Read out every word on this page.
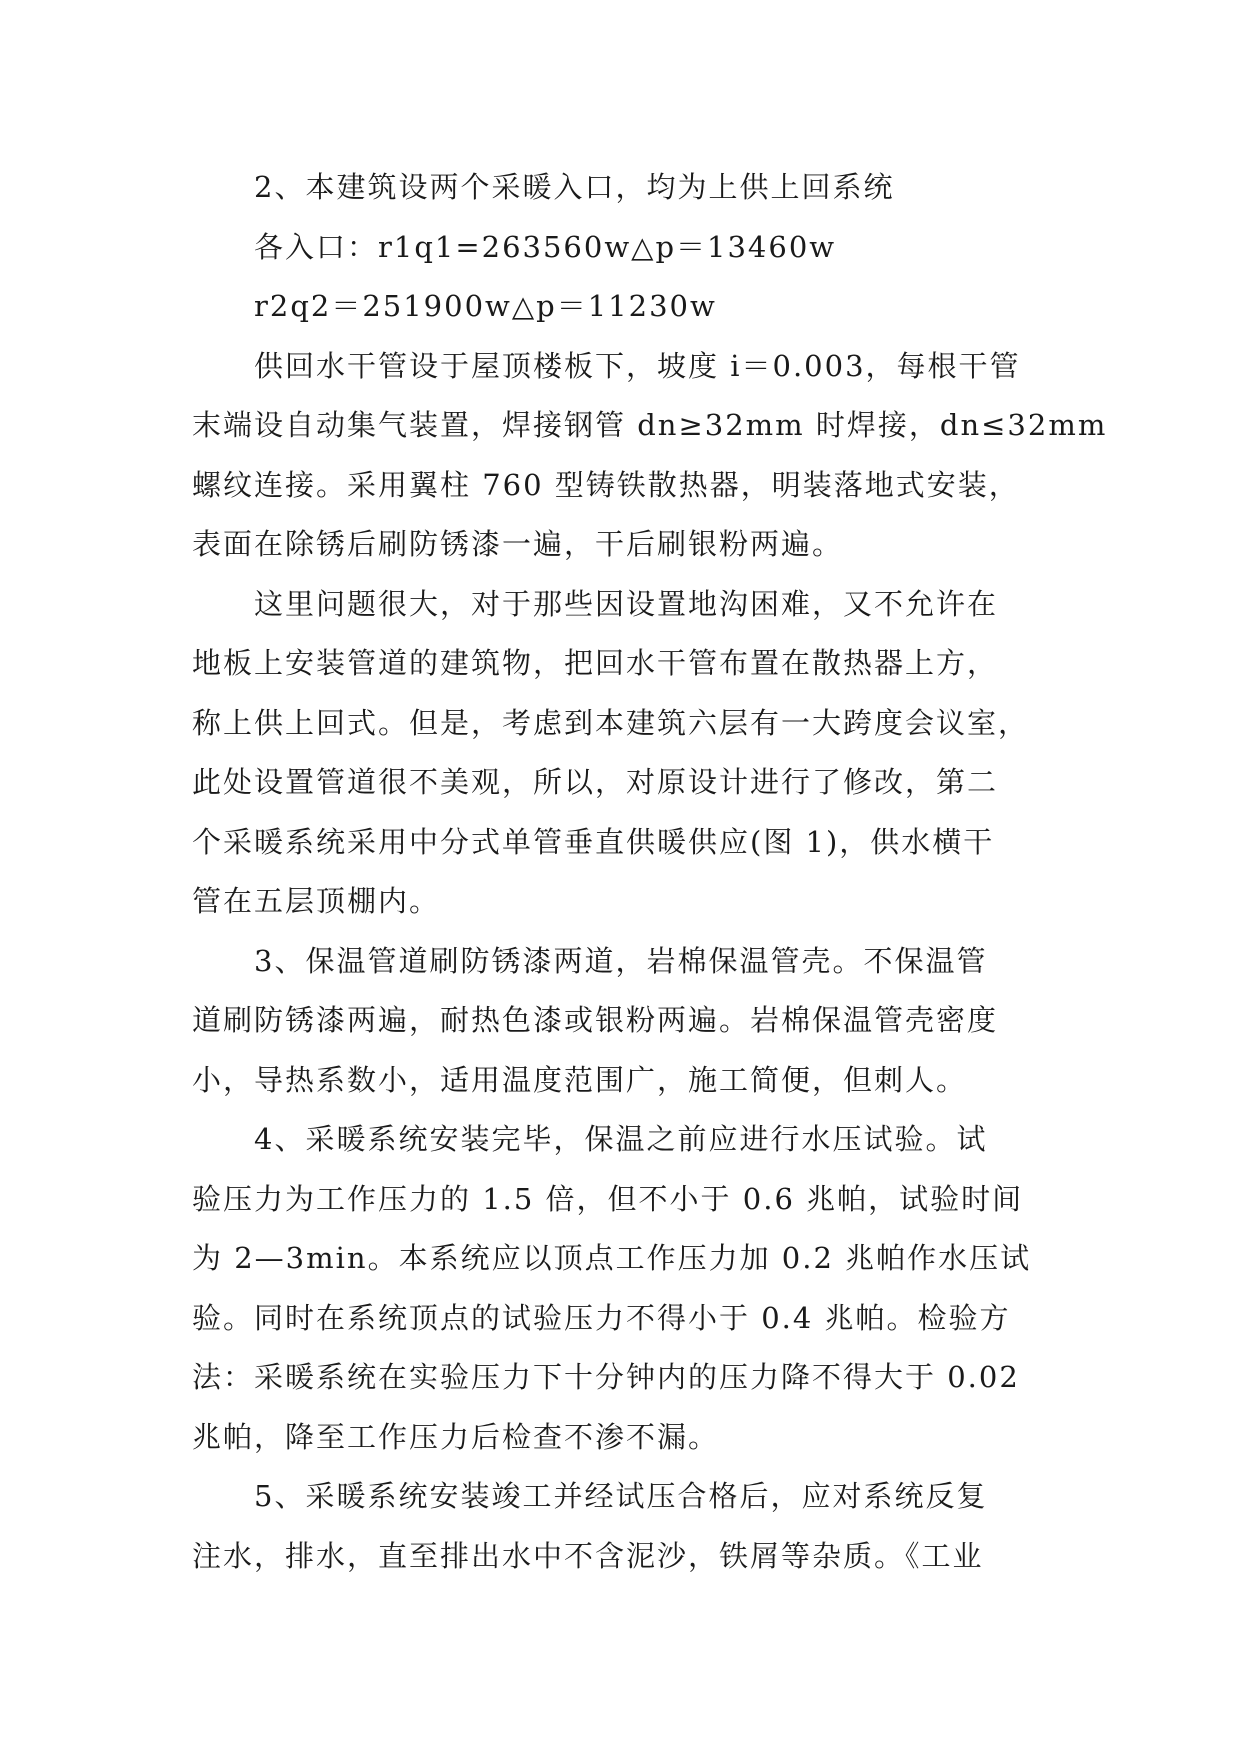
2、本建筑设两个采暖入口，均为上供上回系统
各入口：r1q1=263560w△p＝13460w
r2q2＝251900w△p＝11230w
供回水干管设于屋顶楼板下，坡度 i＝0.003，每根干管
末端设自动集气装置，焊接钢管 dn≥32mm 时焊接，dn≤32mm
螺纹连接。采用翼柱 760 型铸铁散热器，明装落地式安装，
表面在除锈后刷防锈漆一遍，干后刷银粉两遍。
这里问题很大，对于那些因设置地沟困难，又不允许在
地板上安装管道的建筑物，把回水干管布置在散热器上方，
称上供上回式。但是，考虑到本建筑六层有一大跨度会议室，
此处设置管道很不美观，所以，对原设计进行了修改，第二
个采暖系统采用中分式单管垂直供暖供应(图 1)，供水横干
管在五层顶棚内。
3、保温管道刷防锈漆两道，岩棉保温管壳。不保温管
道刷防锈漆两遍，耐热色漆或银粉两遍。岩棉保温管壳密度
小，导热系数小，适用温度范围广，施工简便，但刺人。
4、采暖系统安装完毕，保温之前应进行水压试验。试
验压力为工作压力的 1.5 倍，但不小于 0.6 兆帕，试验时间
为 2—3min。本系统应以顶点工作压力加 0.2 兆帕作水压试
验。同时在系统顶点的试验压力不得小于 0.4 兆帕。检验方
法：采暖系统在实验压力下十分钟内的压力降不得大于 0.02
兆帕，降至工作压力后检查不渗不漏。
5、采暖系统安装竣工并经试压合格后，应对系统反复
注水，排水，直至排出水中不含泥沙，铁屑等杂质。《工业
